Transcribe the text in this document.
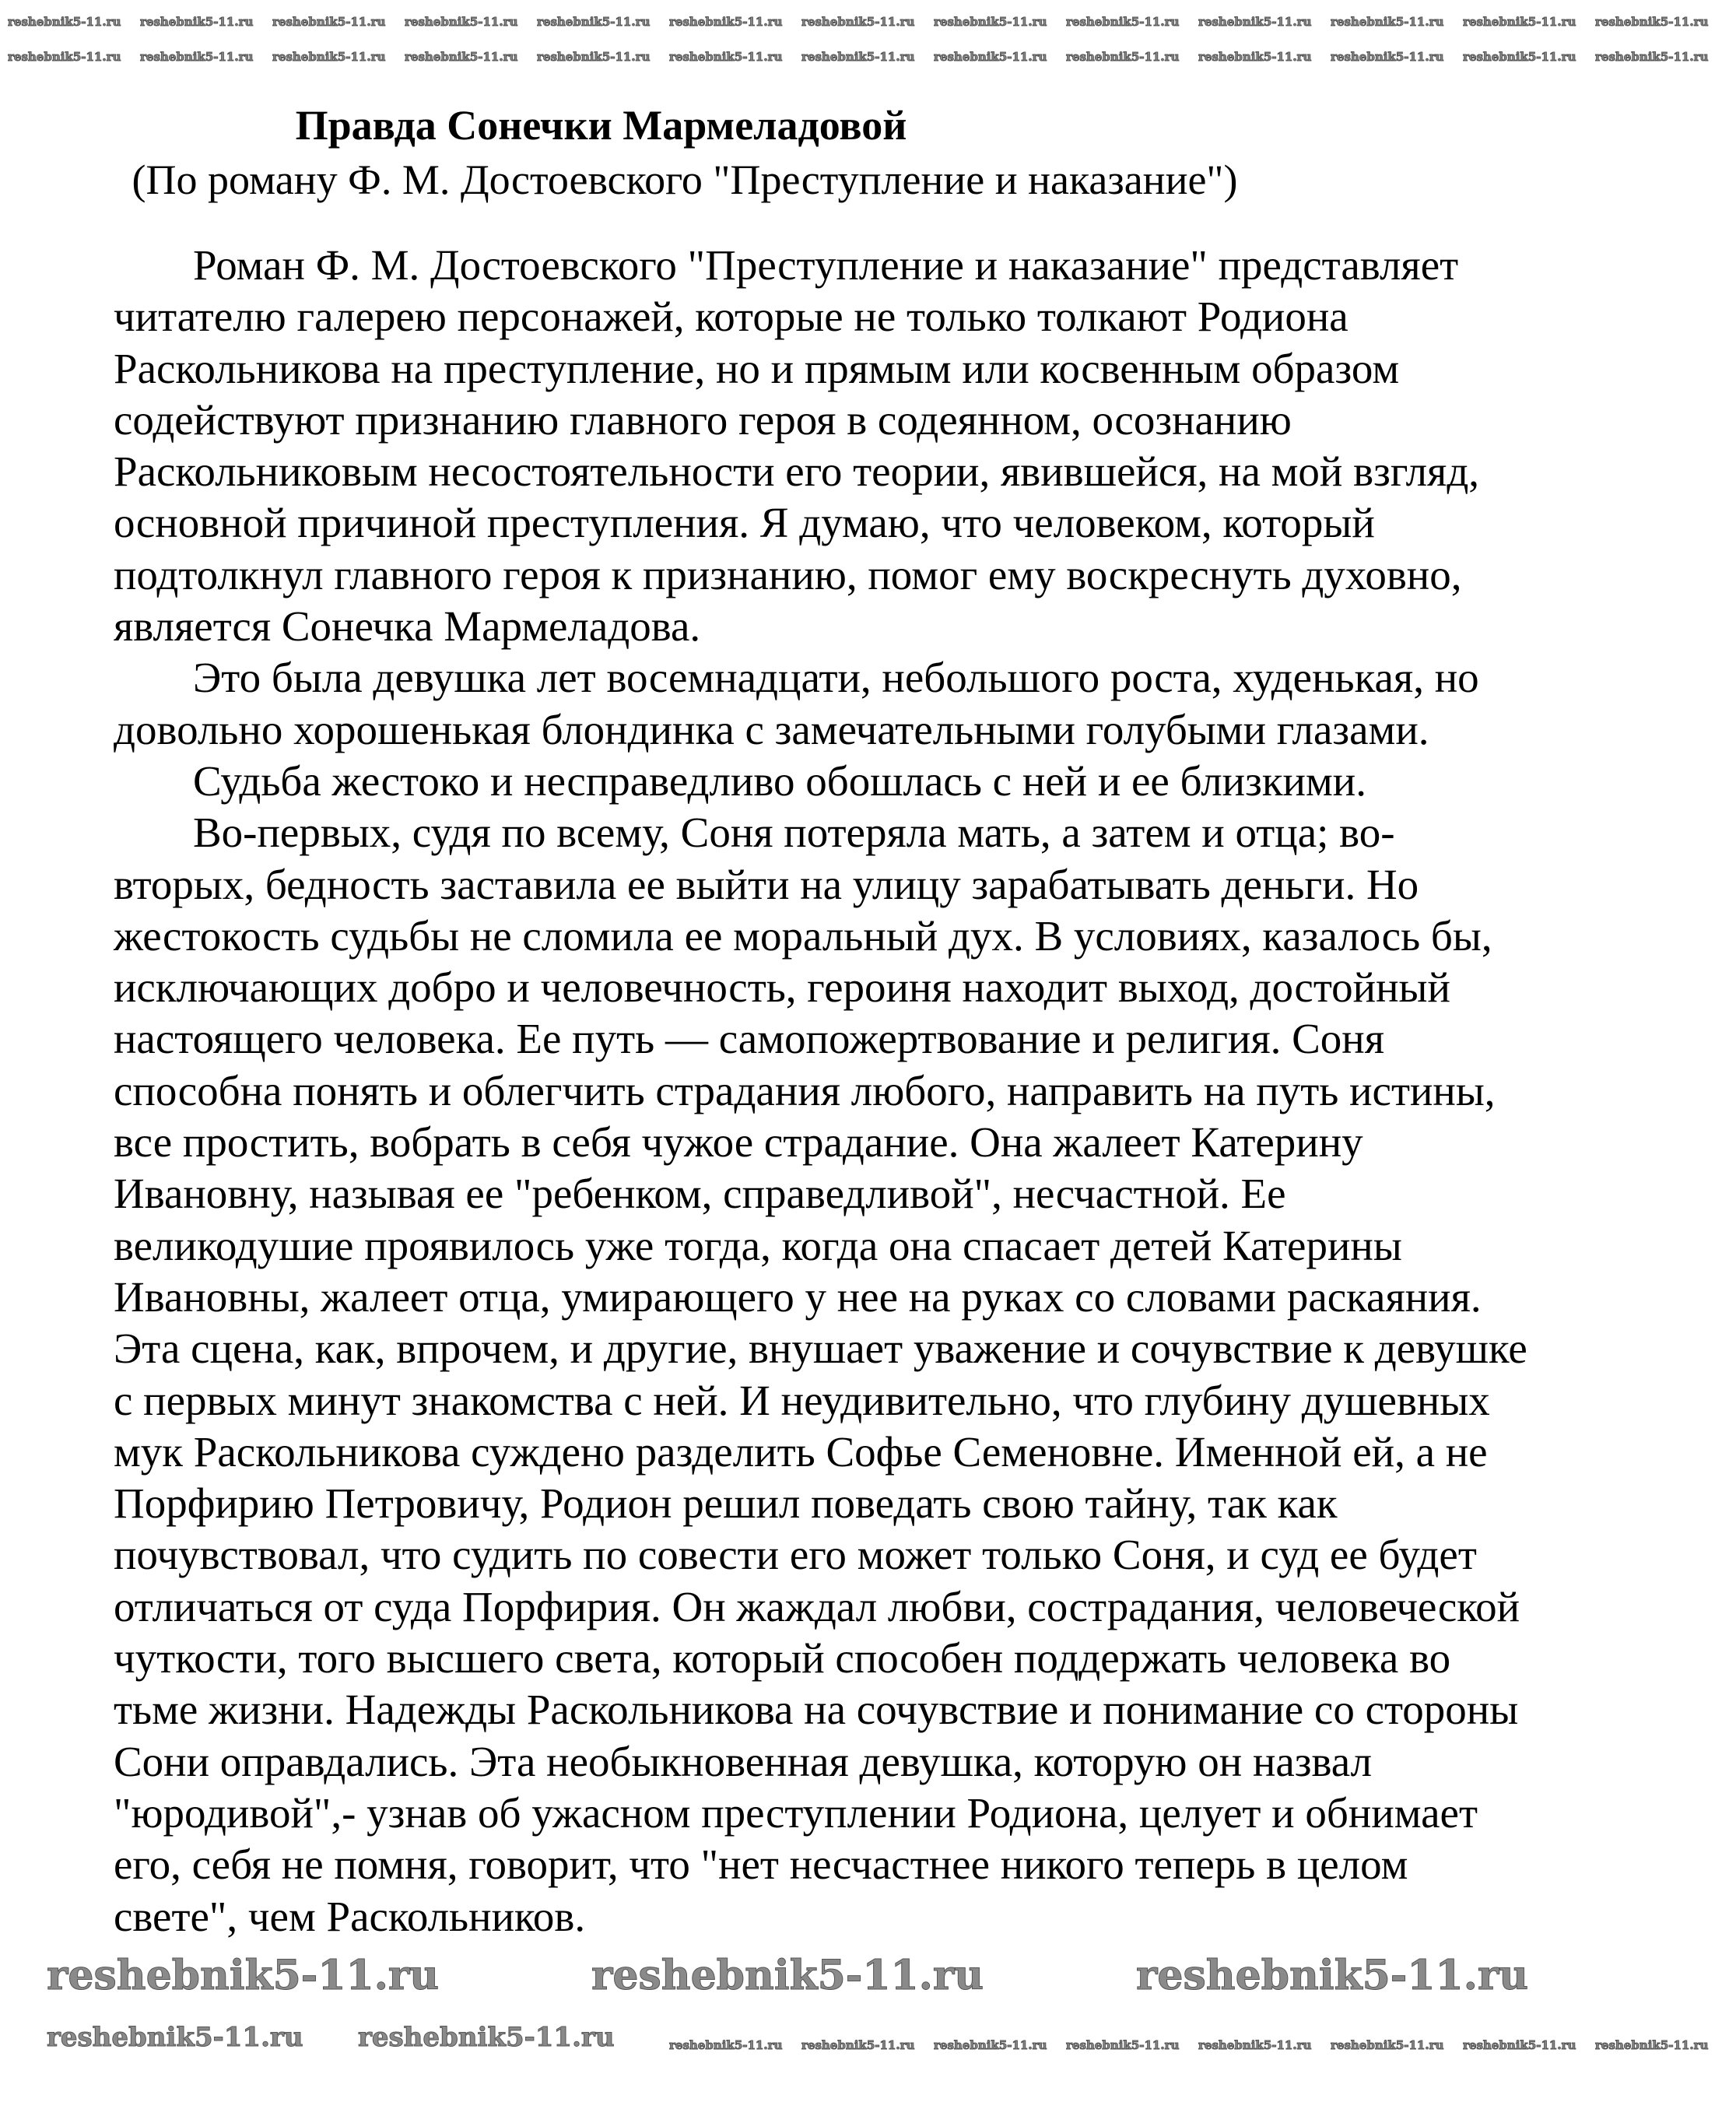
Правда Сонечки Мармеладовой
(По роману Ф. М. Достоевского "Преступление и наказание")
Роман Ф. М. Достоевского "Преступление и наказание" представляет
читателю галерею персонажей, которые не только толкают Родиона
Раскольникова на преступление, но и прямым или косвенным образом
содействуют признанию главного героя в содеянном, осознанию
Раскольниковым несостоятельности его теории, явившейся, на мой взгляд,
основной причиной преступления. Я думаю, что человеком, который
подтолкнул главного героя к признанию, помог ему воскреснуть духовно,
является Сонечка Мармеладова.
Это была девушка лет восемнадцати, небольшого роста, худенькая, но
довольно хорошенькая блондинка с замечательными голубыми глазами.
Судьба жестоко и несправедливо обошлась с ней и ее близкими.
Во-первых, судя по всему, Соня потеряла мать, а затем и отца; во-
вторых, бедность заставила ее выйти на улицу зарабатывать деньги. Но
жестокость судьбы не сломила ее моральный дух. В условиях, казалось бы,
исключающих добро и человечность, героиня находит выход, достойный
настоящего человека. Ее путь — самопожертвование и религия. Соня
способна понять и облегчить страдания любого, направить на путь истины,
все простить, вобрать в себя чужое страдание. Она жалеет Катерину
Ивановну, называя ее "ребенком, справедливой", несчастной. Ее
великодушие проявилось уже тогда, когда она спасает детей Катерины
Ивановны, жалеет отца, умирающего у нее на руках со словами раскаяния.
Эта сцена, как, впрочем, и другие, внушает уважение и сочувствие к девушке
с первых минут знакомства с ней. И неудивительно, что глубину душевных
мук Раскольникова суждено разделить Софье Семеновне. Именной ей, а не
Порфирию Петровичу, Родион решил поведать свою тайну, так как
почувствовал, что судить по совести его может только Соня, и суд ее будет
отличаться от суда Порфирия. Он жаждал любви, сострадания, человеческой
чуткости, того высшего света, который способен поддержать человека во
тьме жизни. Надежды Раскольникова на сочувствие и понимание со стороны
Сони оправдались. Эта необыкновенная девушка, которую он назвал
"юродивой",- узнав об ужасном преступлении Родиона, целует и обнимает
его, себя не помня, говорит, что "нет несчастнее никого теперь в целом
свете", чем Раскольников.
reshebnik5-11.ru reshebnik5-11.ru reshebnik5-11.ru reshebnik5-11.ru reshebnik5-11.ru reshebnik5-11.ru reshebnik5-11.ru reshebnik5-11.ru reshebnik5-11.ru reshebnik5-11.ru reshebnik5-11.ru reshebnik5-11.ru reshebnik5-11.ru
reshebnik5-11.ru reshebnik5-11.ru reshebnik5-11.ru reshebnik5-11.ru reshebnik5-11.ru reshebnik5-11.ru reshebnik5-11.ru reshebnik5-11.ru reshebnik5-11.ru reshebnik5-11.ru reshebnik5-11.ru reshebnik5-11.ru reshebnik5-11.ru
reshebnik5-11.ru	reshebnik5-11.ru	reshebnik5-11.ru
reshebnik5-11.ru reshebnik5-11.ru	reshebnik5-11.ru reshebnik5-11.ru reshebnik5-11.ru reshebnik5-11.ru reshebnik5-11.ru reshebnik5-11.ru reshebnik5-11.ru reshebnik5-11.ru
